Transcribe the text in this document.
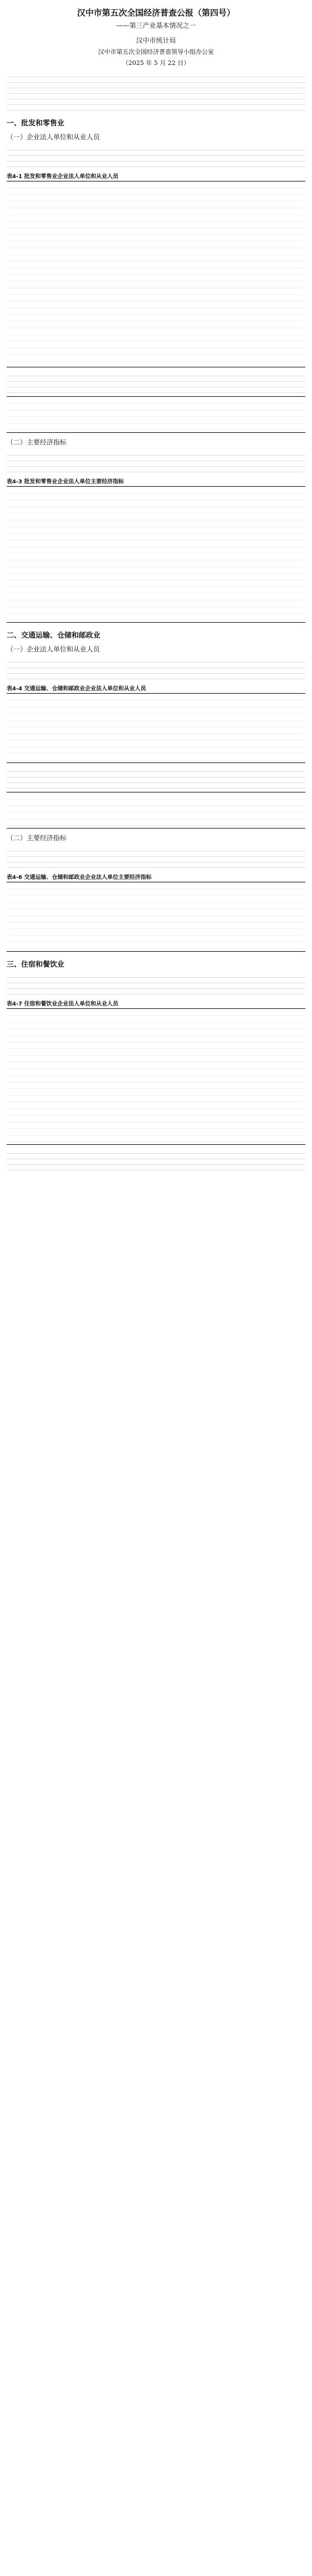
汉中市第五次全国经济普查公报（第四号）
——第三产业基本情况之一
汉中市统计局
汉中市第五次全国经济普查领导小组办公室
（2025 年 5 月 22 日）
一、批发和零售业
（一）企业法人单位和从业人员
表4-1 批发和零售业企业法人单位和从业人员
（二）主要经济指标
表4-3 批发和零售业企业法人单位主要经济指标
二、交通运输、仓储和邮政业
（一）企业法人单位和从业人员
表4-4 交通运输、仓储和邮政业企业法人单位和从业人员
（二）主要经济指标
表4-6 交通运输、仓储和邮政业企业法人单位主要经济指标
三、住宿和餐饮业
表4-7 住宿和餐饮业企业法人单位和从业人员
